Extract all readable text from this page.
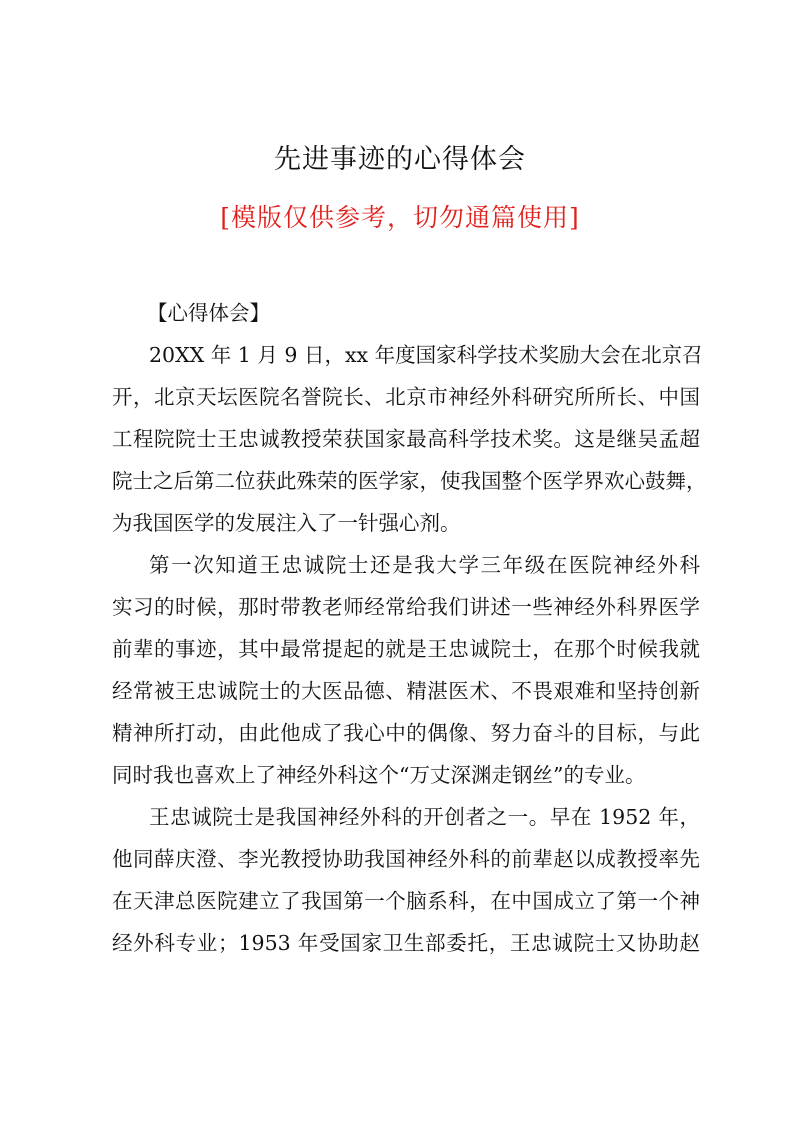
先进事迹的心得体会
[模版仅供参考，切勿通篇使用]
【心得体会】
20XX 年 1 月 9 日，xx 年度国家科学技术奖励大会在北京召
开，北京天坛医院名誉院长、北京市神经外科研究所所长、中国
工程院院士王忠诚教授荣获国家最高科学技术奖。这是继吴孟超
院士之后第二位获此殊荣的医学家，使我国整个医学界欢心鼓舞，
为我国医学的发展注入了一针强心剂。
第一次知道王忠诚院士还是我大学三年级在医院神经外科
实习的时候，那时带教老师经常给我们讲述一些神经外科界医学
前辈的事迹，其中最常提起的就是王忠诚院士，在那个时候我就
经常被王忠诚院士的大医品德、精湛医术、不畏艰难和坚持创新
精神所打动，由此他成了我心中的偶像、努力奋斗的目标，与此
同时我也喜欢上了神经外科这个“万丈深渊走钢丝”的专业。
王忠诚院士是我国神经外科的开创者之一。早在 1952 年，
他同薛庆澄、李光教授协助我国神经外科的前辈赵以成教授率先
在天津总医院建立了我国第一个脑系科，在中国成立了第一个神
经外科专业；1953 年受国家卫生部委托，王忠诚院士又协助赵
